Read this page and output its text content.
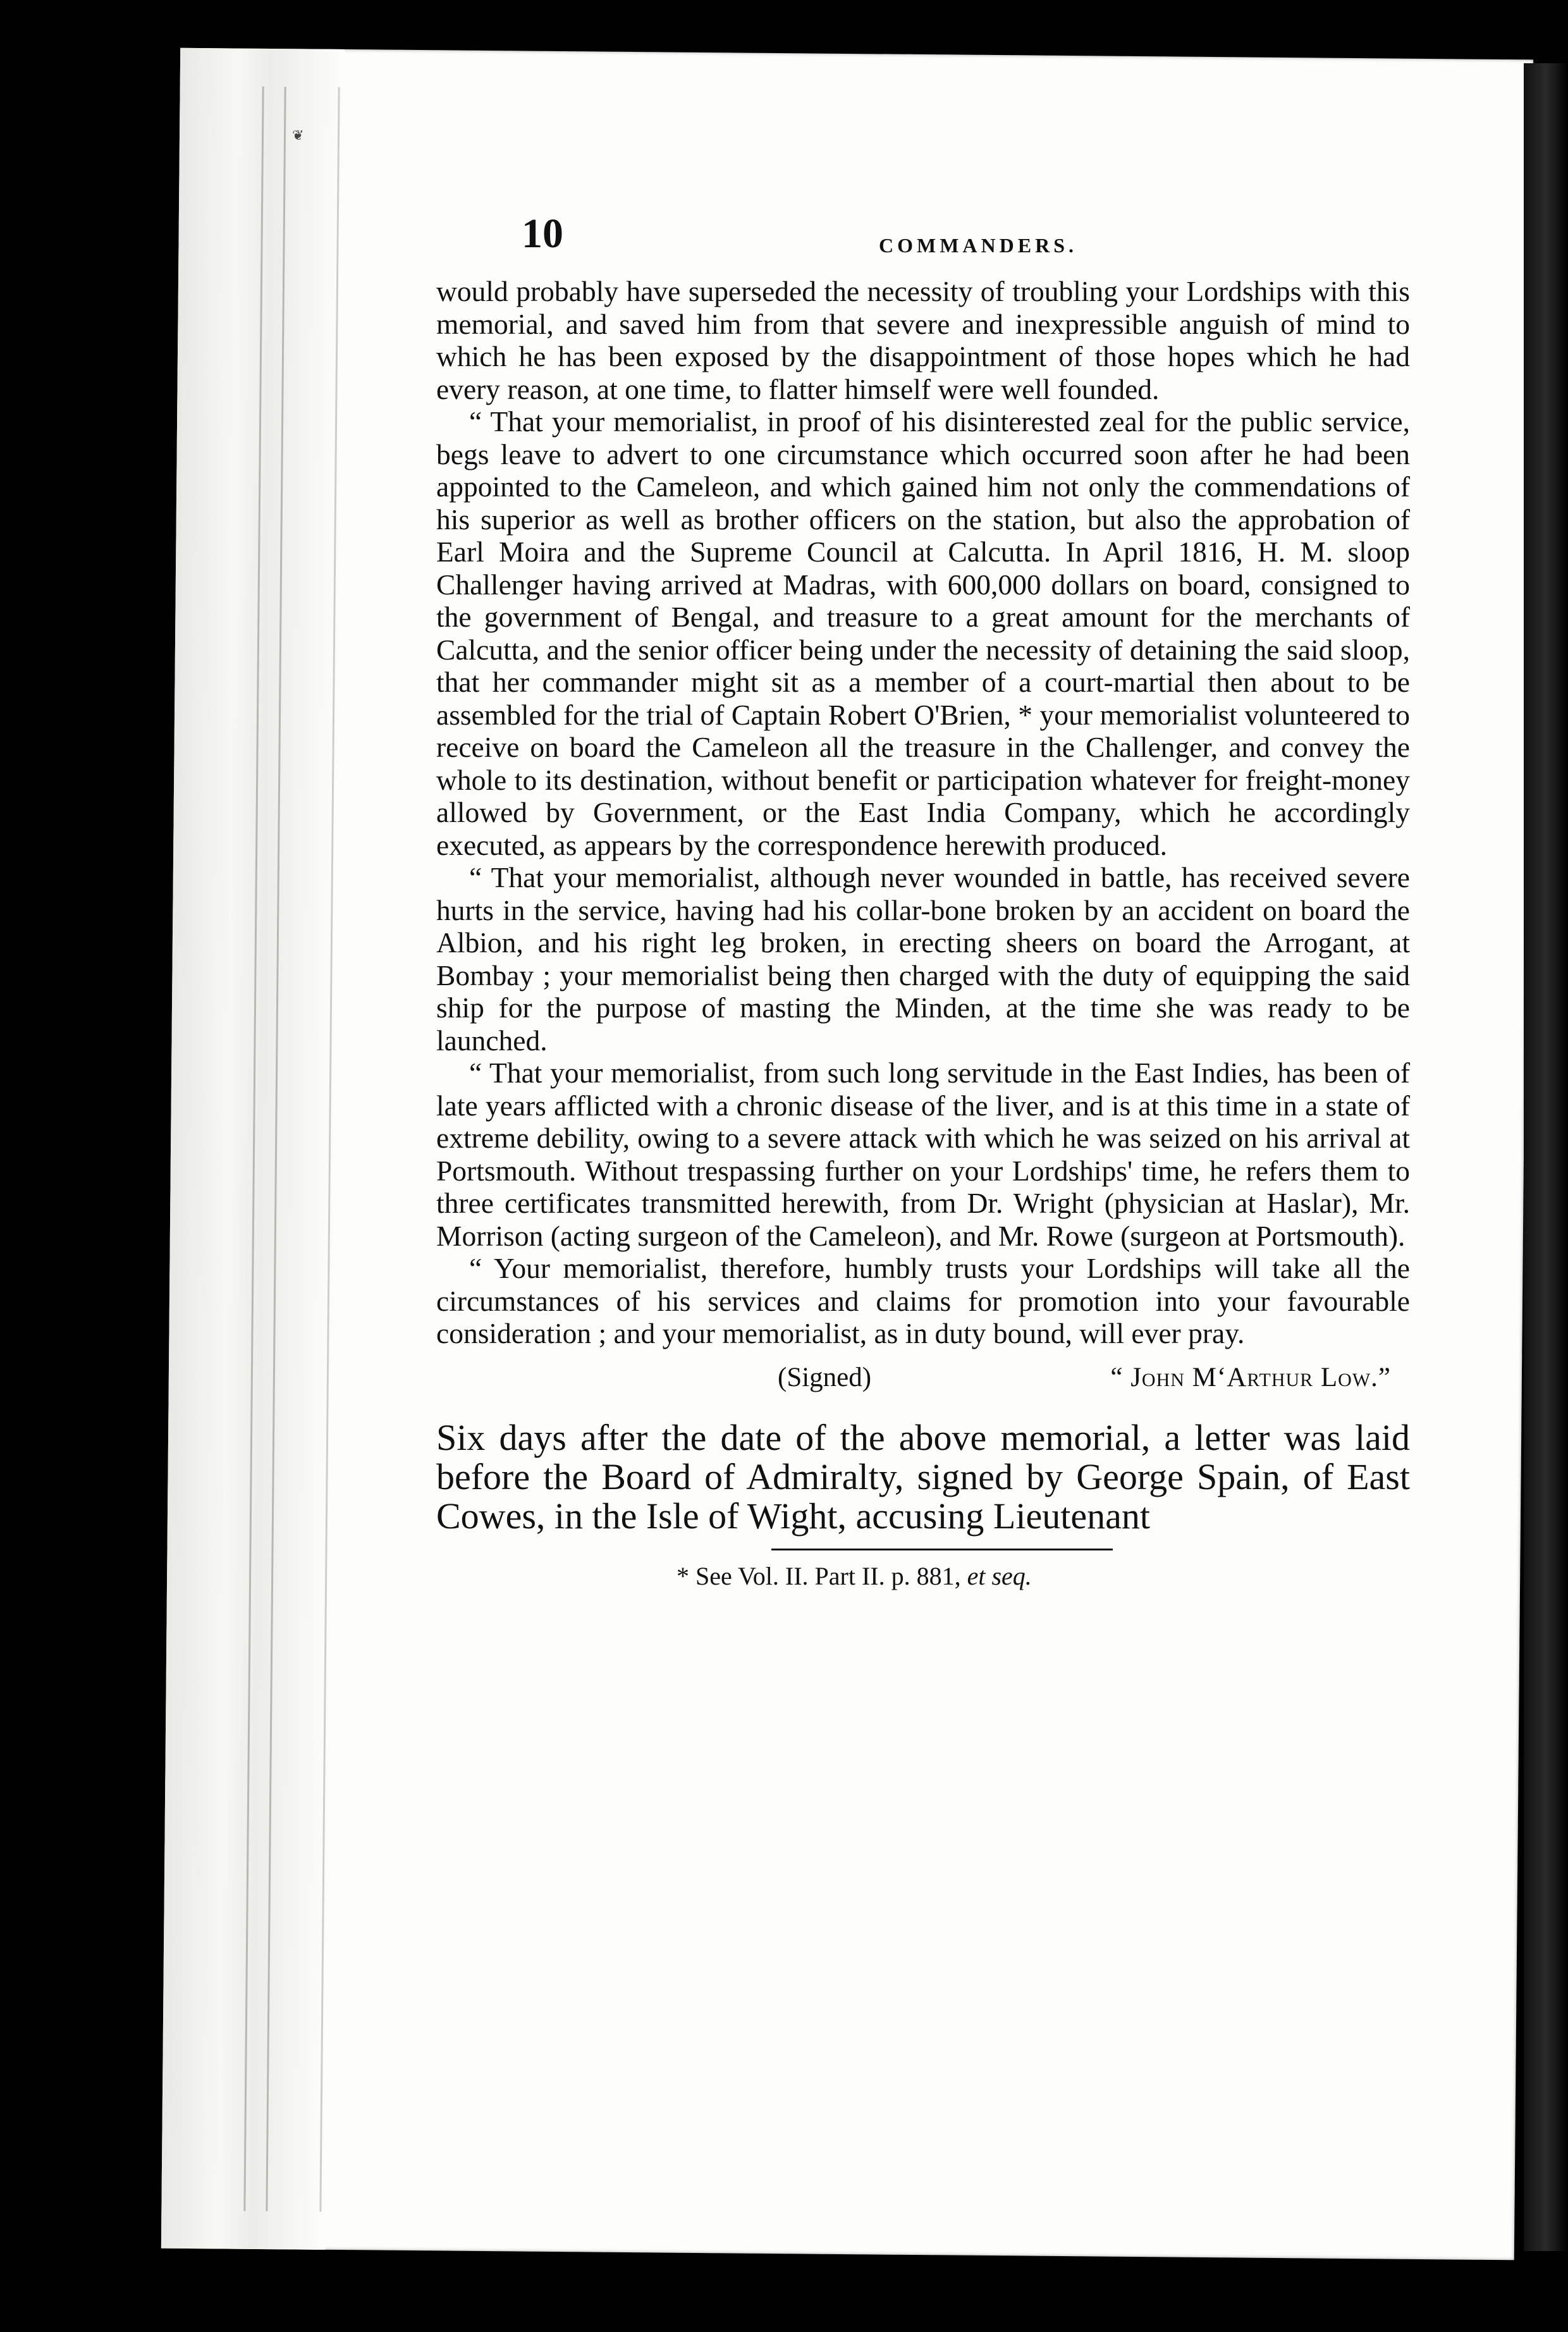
❦
10	COMMANDERS.

would probably have superseded the necessity of troubling your Lordships with this memorial, and saved him from that severe and inexpressible anguish of mind to which he has been exposed by the disappointment of those hopes which he had every reason, at one time, to flatter himself were well founded.

“ That your memorialist, in proof of his disinterested zeal for the public service, begs leave to advert to one circumstance which occurred soon after he had been appointed to the Cameleon, and which gained him not only the commendations of his superior as well as brother officers on the station, but also the approbation of Earl Moira and the Supreme Council at Calcutta. In April 1816, H. M. sloop Challenger having arrived at Madras, with 600,000 dollars on board, consigned to the government of Bengal, and treasure to a great amount for the merchants of Calcutta, and the senior officer being under the necessity of detaining the said sloop, that her commander might sit as a member of a court-martial then about to be assembled for the trial of Captain Robert O'Brien, * your memorialist volunteered to receive on board the Cameleon all the treasure in the Challenger, and convey the whole to its destination, without benefit or participation whatever for freight-money allowed by Government, or the East India Company, which he accordingly executed, as appears by the correspondence herewith produced.

“ That your memorialist, although never wounded in battle, has received severe hurts in the service, having had his collar-bone broken by an accident on board the Albion, and his right leg broken, in erecting sheers on board the Arrogant, at Bombay ; your memorialist being then charged with the duty of equipping the said ship for the purpose of masting the Minden, at the time she was ready to be launched.

“ That your memorialist, from such long servitude in the East Indies, has been of late years afflicted with a chronic disease of the liver, and is at this time in a state of extreme debility, owing to a severe attack with which he was seized on his arrival at Portsmouth. Without trespassing further on your Lordships' time, he refers them to three certificates transmitted herewith, from Dr. Wright (physician at Haslar), Mr. Morrison (acting surgeon of the Cameleon), and Mr. Rowe (surgeon at Portsmouth).

“ Your memorialist, therefore, humbly trusts your Lordships will take all the circumstances of his services and claims for promotion into your favourable consideration ; and your memorialist, as in duty bound, will ever pray.

(Signed)	“ John M‘Arthur Low.”
Six days after the date of the above memorial, a letter was laid before the Board of Admiralty, signed by George Spain, of East Cowes, in the Isle of Wight, accusing Lieutenant
* See Vol. II. Part II. p. 881, et seq.
